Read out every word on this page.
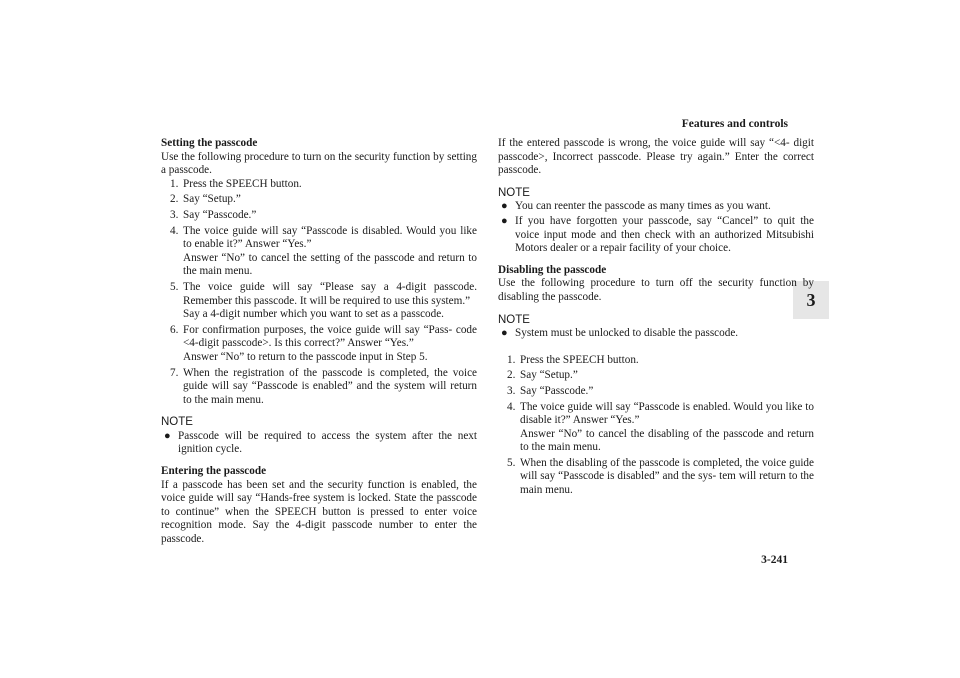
Features and controls
3

Setting the passcode

Use the following procedure to turn on the security function by setting a passcode.

1. Press the SPEECH button.
2. Say “Setup.”
3. Say “Passcode.”
4. The voice guide will say “Passcode is disabled. Would you like to enable it?” Answer “Yes.”
Answer “No” to cancel the setting of the passcode and return to the main menu.
5. The voice guide will say “Please say a 4-digit passcode. Remember this passcode. It will be required to use this system.”
Say a 4-digit number which you want to set as a passcode.
6. For confirmation purposes, the voice guide will say “Pass- code <4-digit passcode>. Is this correct?” Answer “Yes.”
Answer “No” to return to the passcode input in Step 5.
7. When the registration of the passcode is completed, the voice guide will say “Passcode is enabled” and the system will return to the main menu.
NOTE
● Passcode will be required to access the system after the next ignition cycle.

Entering the passcode

If a passcode has been set and the security function is enabled, the voice guide will say “Hands-free system is locked. State the passcode to continue” when the SPEECH button is pressed to enter voice recognition mode. Say the 4-digit passcode number to enter the passcode.

If the entered passcode is wrong, the voice guide will say “<4- digit passcode>, Incorrect passcode. Please try again.” Enter the correct passcode.

NOTE
● You can reenter the passcode as many times as you want.
● If you have forgotten your passcode, say “Cancel” to quit the voice input mode and then check with an authorized Mitsubishi Motors dealer or a repair facility of your choice.

Disabling the passcode

Use the following procedure to turn off the security function by disabling the passcode.

NOTE
● System must be unlocked to disable the passcode.
1. Press the SPEECH button.
2. Say “Setup.”
3. Say “Passcode.”
4. The voice guide will say “Passcode is enabled. Would you like to disable it?” Answer “Yes.”
Answer “No” to cancel the disabling of the passcode and return to the main menu.
5. When the disabling of the passcode is completed, the voice guide will say “Passcode is disabled” and the sys- tem will return to the main menu.
3-241
